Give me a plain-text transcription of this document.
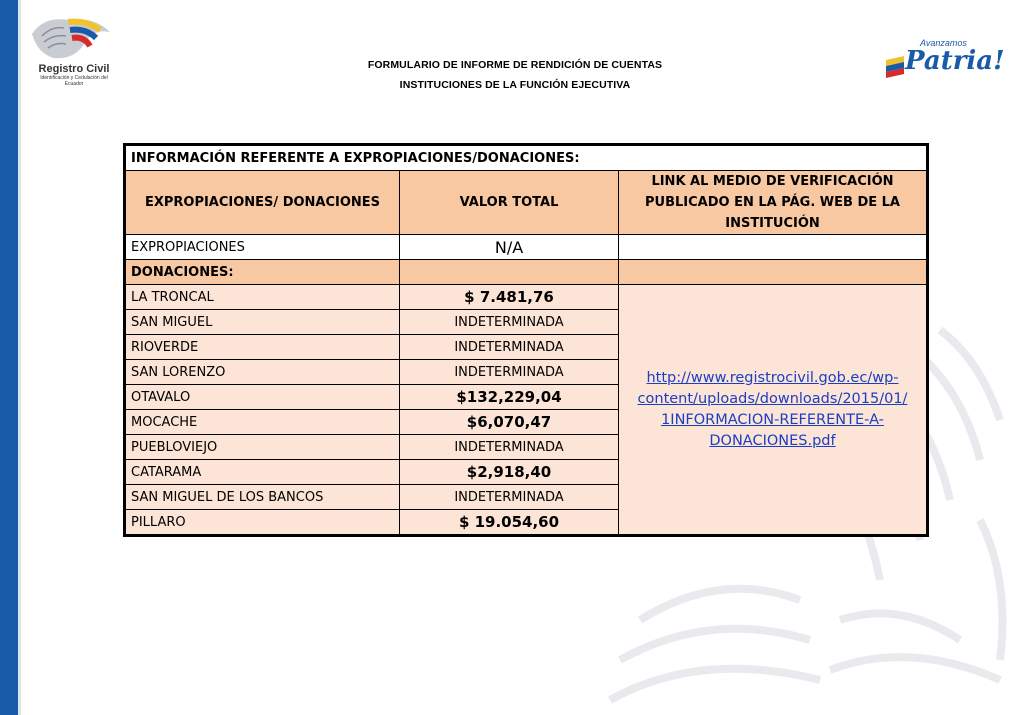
Registro Civil
Identificación y Cedulación del Ecuador
FORMULARIO DE INFORME DE RENDICIÓN DE CUENTAS
INSTITUCIONES DE LA FUNCIÓN EJECUTIVA
Avanzamos
Patria!
INFORMACIÓN REFERENTE A EXPROPIACIONES/DONACIONES:		
EXPROPIACIONES/ DONACIONES	VALOR TOTAL	LINK AL MEDIO DE VERIFICACIÓN PUBLICADO EN LA PÁG. WEB DE LA INSTITUCIÓN
EXPROPIACIONES	N/A	
DONACIONES:		
LA TRONCAL	$ 7.481,76	http://www.registrocivil.gob.ec/wp-
content/uploads/downloads/2015/01/
1INFORMACION-REFERENTE-A-
DONACIONES.pdf
SAN MIGUEL	INDETERMINADA	
RIOVERDE	INDETERMINADA	
SAN LORENZO	INDETERMINADA	
OTAVALO	$132,229,04	
MOCACHE	$6,070,47	
PUEBLOVIEJO	INDETERMINADA	
CATARAMA	$2,918,40	
SAN MIGUEL DE LOS BANCOS	INDETERMINADA	
PILLARO	$ 19.054,60	
